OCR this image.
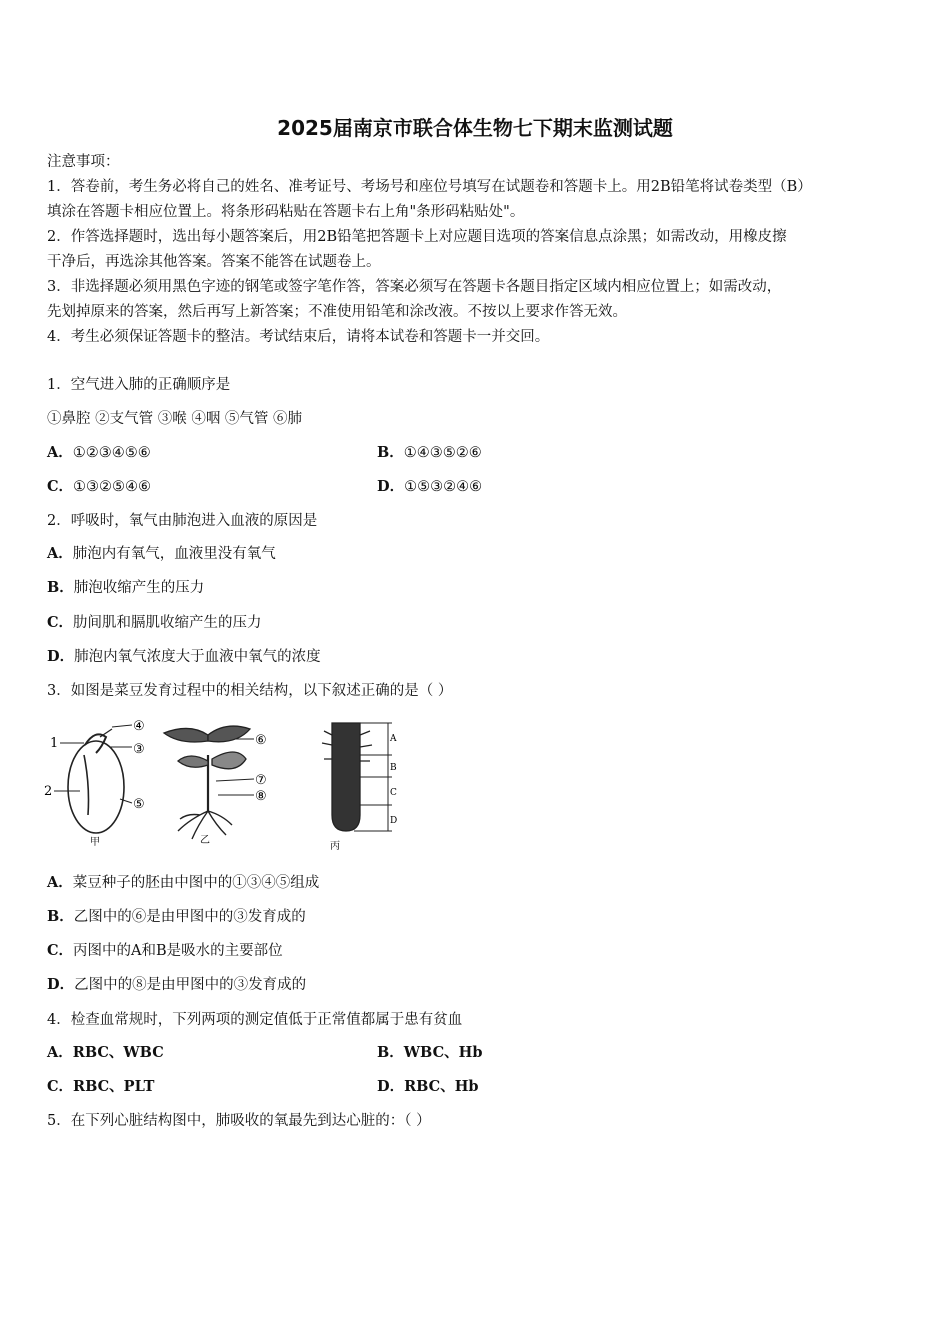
2025届南京市联合体生物七下期末监测试题

注意事项：

1．答卷前，考生务必将自己的姓名、准考证号、考场号和座位号填写在试题卷和答题卡上。用2B铅笔将试卷类型（B）

填涂在答题卡相应位置上。将条形码粘贴在答题卡右上角"条形码粘贴处"。

2．作答选择题时，选出每小题答案后，用2B铅笔把答题卡上对应题目选项的答案信息点涂黑；如需改动，用橡皮擦

干净后，再选涂其他答案。答案不能答在试题卷上。

3．非选择题必须用黑色字迹的钢笔或签字笔作答，答案必须写在答题卡各题目指定区域内相应位置上；如需改动，

先划掉原来的答案，然后再写上新答案；不准使用铅笔和涂改液。不按以上要求作答无效。

4．考生必须保证答题卡的整洁。考试结束后，请将本试卷和答题卡一并交回。

1．空气进入肺的正确顺序是
①鼻腔 ②支气管 ③喉 ④咽 ⑤气管 ⑥肺
A．①②③④⑤⑥	B．①④③⑤②⑥
C．①③②⑤④⑥	D．①⑤③②④⑥
2．呼吸时，氧气由肺泡进入血液的原因是
A．肺泡内有氧气，血液里没有氧气
B．肺泡收缩产生的压力
C．肋间肌和膈肌收缩产生的压力
D．肺泡内氧气浓度大于血液中氧气的浓度
3．如图是菜豆发育过程中的相关结构，以下叙述正确的是（ ）
1
2
③
④
⑤
甲
⑥
⑦
⑧
乙
A
B
C
D
丙
A．菜豆种子的胚由中图中的①③④⑤组成
B．乙图中的⑥是由甲图中的③发育成的
C．丙图中的A和B是吸水的主要部位
D．乙图中的⑧是由甲图中的③发育成的
4．检查血常规时，下列两项的测定值低于正常值都属于患有贫血
A．RBC、WBC	B．WBC、Hb
C．RBC、PLT	D．RBC、Hb
5．在下列心脏结构图中，肺吸收的氧最先到达心脏的：（ ）
